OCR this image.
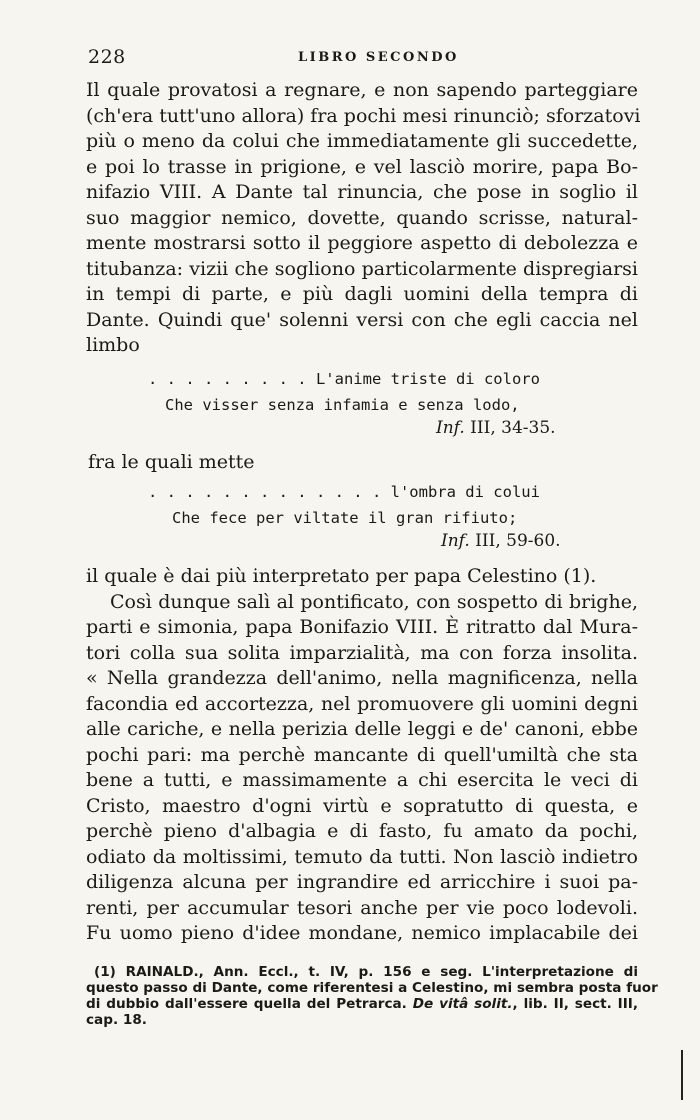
228	LIBRO SECONDO
Il quale provatosi a regnare, e non sapendo parteggiare
(ch'era tutt'uno allora) fra pochi mesi rinunciò; sforzatovi
più o meno da colui che immediatamente gli succedette,
e poi lo trasse in prigione, e vel lasciò morire, papa Bo-
nifazio VIII. A Dante tal rinuncia, che pose in soglio il
suo maggior nemico, dovette, quando scrisse, natural-
mente mostrarsi sotto il peggiore aspetto di debolezza e
titubanza: vizii che sogliono particolarmente dispregiarsi
in tempi di parte, e più dagli uomini della tempra di
Dante. Quindi que' solenni versi con che egli caccia nel
limbo
. . . . . . . . . L'anime triste di coloro
Che visser senza infamia e senza lodo,
Inf. III, 34-35.
fra le quali mette
. . . . . . . . . . . . . l'ombra di colui
Che fece per viltate il gran rifiuto;
Inf. III, 59-60.
il quale è dai più interpretato per papa Celestino (1).
Così dunque salì al pontificato, con sospetto di brighe,
parti e simonia, papa Bonifazio VIII. È ritratto dal Mura-
tori colla sua solita imparzialità, ma con forza insolita.
« Nella grandezza dell'animo, nella magnificenza, nella
facondia ed accortezza, nel promuovere gli uomini degni
alle cariche, e nella perizia delle leggi e de' canoni, ebbe
pochi pari: ma perchè mancante di quell'umiltà che sta
bene a tutti, e massimamente a chi esercita le veci di
Cristo, maestro d'ogni virtù e sopratutto di questa, e
perchè pieno d'albagia e di fasto, fu amato da pochi,
odiato da moltissimi, temuto da tutti. Non lasciò indietro
diligenza alcuna per ingrandire ed arricchire i suoi pa-
renti, per accumular tesori anche per vie poco lodevoli.
Fu uomo pieno d'idee mondane, nemico implacabile dei
(1) RAINALD., Ann. Eccl., t. IV, p. 156 e seg. L'interpretazione di
questo passo di Dante, come riferentesi a Celestino, mi sembra posta fuor
di dubbio dall'essere quella del Petrarca. De vitâ solit., lib. II, sect. III,
cap. 18.
